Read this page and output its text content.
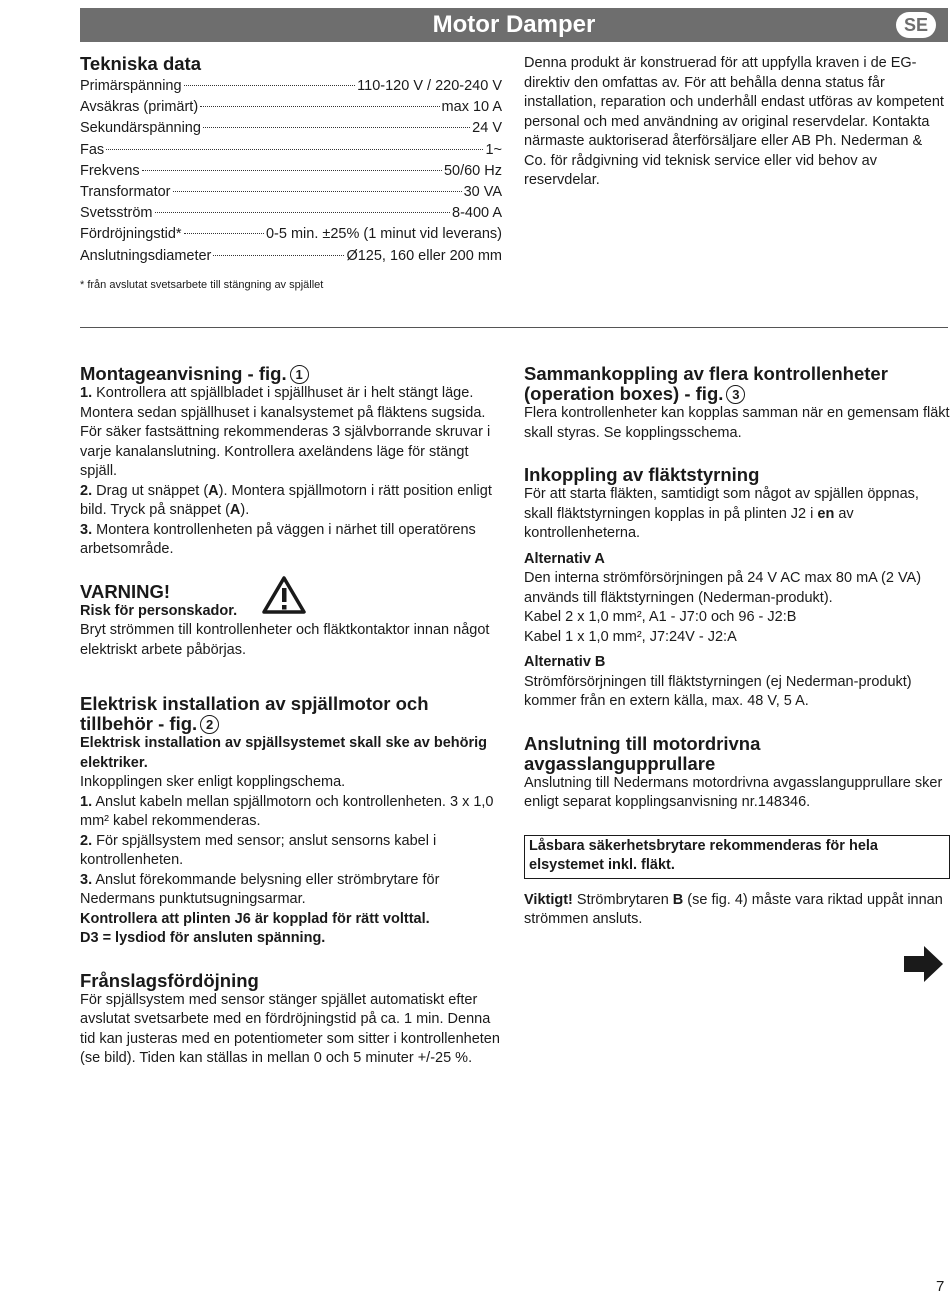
Motor Damper	SE
Tekniska data
Primärspänning	110-120 V / 220-240 V
Avsäkras (primärt)	max 10 A
Sekundärspänning	24 V
Fas	1~
Frekvens	50/60 Hz
Transformator	30 VA
Svetsström	8-400 A
Fördröjningstid*	0-5 min. ±25% (1 minut vid leverans)
Anslutningsdiameter	Ø125, 160 eller 200 mm
* från avslutat svetsarbete till stängning av spjället

Denna produkt är konstruerad för att uppfylla kraven i de EG-direktiv den omfattas av. För att behålla denna status får installation, reparation och underhåll endast utföras av kompetent personal och med användning av original reservdelar. Kontakta närmaste auktoriserad återförsäljare eller AB Ph. Nederman & Co. för rådgivning vid teknisk service eller vid behov av reservdelar.

Montageanvisning - fig. 1

1. Kontrollera att spjällbladet i spjällhuset är i helt stängt läge. Montera sedan spjällhuset i kanalsystemet på fläktens sugsida. För säker fastsättning rekommenderas 3 självborrande skruvar i varje kanalanslutning. Kontrollera axeländens läge för stängt spjäll.

2. Drag ut snäppet (A). Montera spjällmotorn i rätt position enligt bild. Tryck på snäppet (A).

3. Montera kontrollenheten på väggen i närhet till operatörens arbetsområde.

VARNING!

Risk för personskador.

Bryt strömmen till kontrollenheter och fläktkontaktor innan något elektriskt arbete påbörjas.

Elektrisk installation av spjällmotor och tillbehör - fig. 2

Elektrisk installation av spjällsystemet skall ske av behörig elektriker.

Inkopplingen sker enligt kopplingschema.

1. Anslut kabeln mellan spjällmotorn och kontrollenheten. 3 x 1,0 mm² kabel rekommenderas.

2. För spjällsystem med sensor; anslut sensorns kabel i kontrollenheten.

3. Anslut förekommande belysning eller strömbrytare för Nedermans punktutsugningsarmar.

Kontrollera att plinten J6 är kopplad för rätt volttal.

D3 = lysdiod för ansluten spänning.

Frånslagsfördöjning

För spjällsystem med sensor stänger spjället automatiskt efter avslutat svetsarbete med en fördröjningstid på ca. 1 min. Denna tid kan justeras med en potentiometer som sitter i kontrollenheten (se bild). Tiden kan ställas in mellan 0 och 5 minuter +/-25 %.

Sammankoppling av flera kontrollenheter (operation boxes) - fig. 3

Flera kontrollenheter kan kopplas samman när en gemensam fläkt skall styras. Se kopplingsschema.

Inkoppling av fläktstyrning

För att starta fläkten, samtidigt som något av spjällen öppnas, skall fläktstyrningen kopplas in på plinten J2 i en av kontrollenheterna.

Alternativ A

Den interna strömförsörjningen på 24 V AC max 80 mA (2 VA) används till fläktstyrningen (Nederman-produkt).

Kabel 2 x 1,0 mm², A1 - J7:0 och 96 - J2:B

Kabel 1 x 1,0 mm², J7:24V - J2:A

Alternativ B

Strömförsörjningen till fläktstyrningen (ej Nederman-produkt) kommer från en extern källa, max. 48 V, 5 A.

Anslutning till motordrivna avgasslangupprullare

Anslutning till Nedermans motordrivna avgasslangupprullare sker enligt separat kopplingsanvisning nr.148346.

Låsbara säkerhetsbrytare rekommenderas för hela elsystemet inkl. fläkt.

Viktigt! Strömbrytaren B (se fig. 4) måste vara riktad uppåt innan strömmen ansluts.

7
